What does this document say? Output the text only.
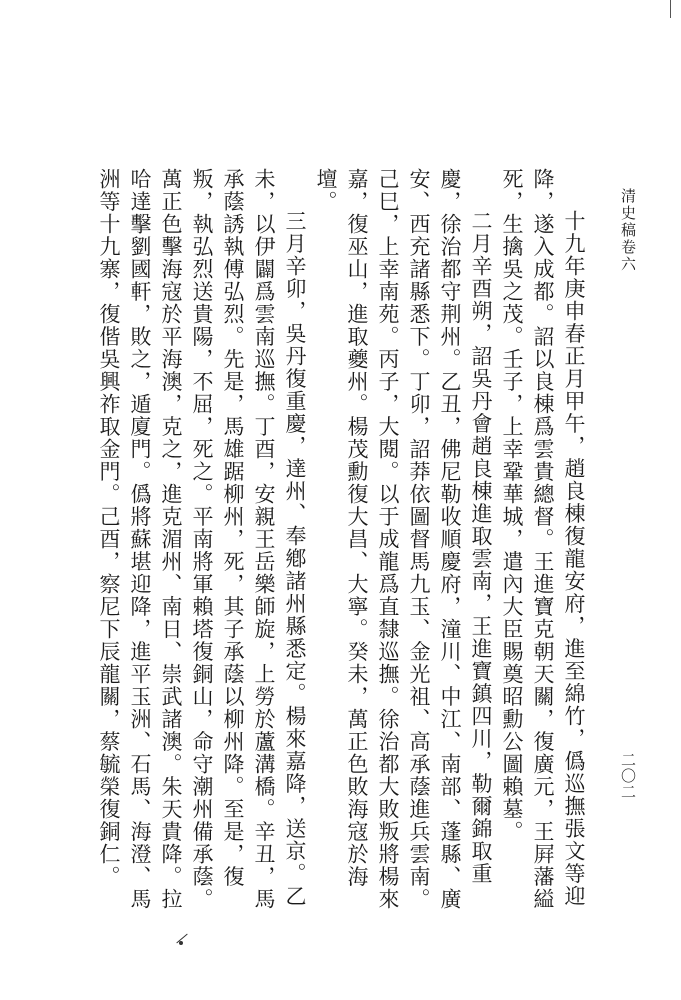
清史稿卷六
二〇二

十九年庚申春正月甲午，趙良棟復龍安府，進至綿竹，僞巡撫張文等迎降，遂入成都。詔以良棟爲雲貴總督。王進寶克朝天關，復廣元，王屛藩縊死，生擒吳之茂。壬子，上幸鞏華城，遣內大臣賜奠昭勳公圖賴墓。

二月辛酉朔，詔吳丹會趙良棟進取雲南，王進寶鎮四川，勒爾錦取重慶，徐治都守荆州。乙丑，佛尼勒收順慶府，潼川、中江、南部、蓬縣、廣安、西充諸縣悉下。丁卯，詔莽依圖督馬九玉、金光祖、高承蔭進兵雲南。己巳，上幸南苑。丙子，大閱。以于成龍爲直隸巡撫。徐治都大敗叛將楊來嘉，復巫山，進取夔州。楊茂勳復大昌、大寧。癸未，萬正色敗海寇於海壇。

三月辛卯，吳丹復重慶，達州、奉鄕諸州縣悉定。楊來嘉降，送京。乙未，以伊闢爲雲南巡撫。丁酉，安親王岳樂師旋，上勞於蘆溝橋。辛丑，馬承蔭誘執傅弘烈。先是，馬雄踞柳州，死，其子承蔭以柳州降。至是，復叛，執弘烈送貴陽，不屈，死之。平南將軍賴塔復銅山，命守潮州備承蔭。萬正色擊海寇於平海澳，克之，進克湄州、南日、崇武諸澳。朱天貴降。拉哈達擊劉國軒，敗之，遁廈門。僞將蘇堪迎降，進平玉洲、石馬、海澄、馬洲等十九寨，復偕吳興祚取金門。己酉，察尼下辰龍關，蔡毓榮復銅仁。
